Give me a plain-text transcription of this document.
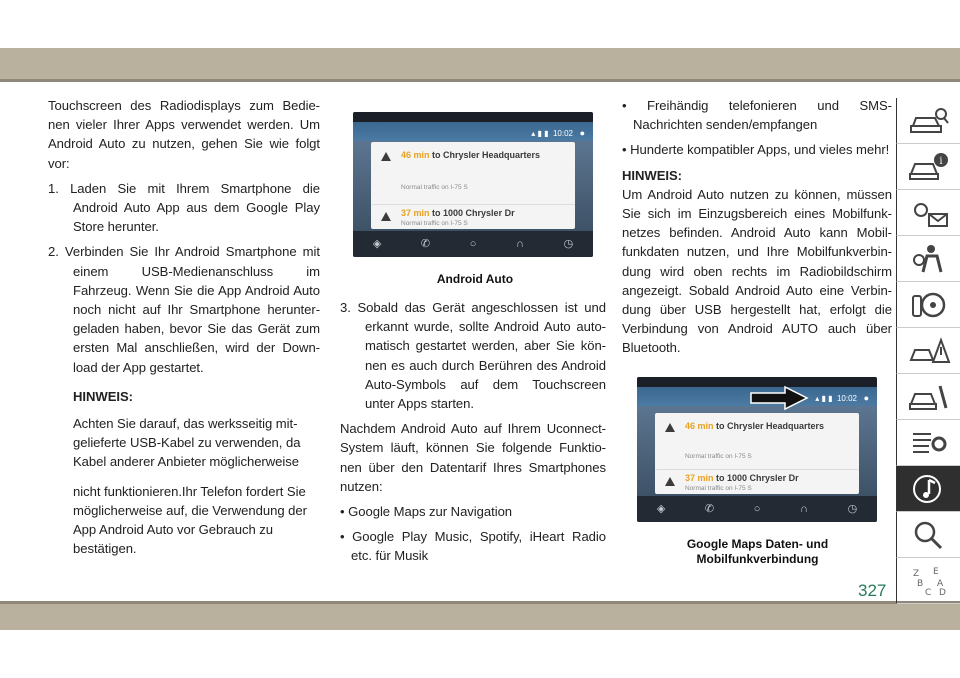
Touchscreen des Radiodisplays zum Bedie-nen vieler Ihrer Apps verwendet werden. Um Android Auto zu nutzen, gehen Sie wie folgt vor:

1. Laden Sie mit Ihrem Smartphone die Android Auto App aus dem Google Play Store herunter.

2. Verbinden Sie Ihr Android Smartphone mit einem USB-Medienanschluss im Fahrzeug. Wenn Sie die App Android Auto noch nicht auf Ihr Smartphone herunter-geladen haben, bevor Sie das Gerät zum ersten Mal anschließen, wird der Down-load der App gestartet.

HINWEIS:

Achten Sie darauf, das werksseitig mit-gelieferte USB-Kabel zu verwenden, da Kabel anderer Anbieter möglicherweise

nicht funktionieren.Ihr Telefon fordert Sie möglicherweise auf, die Verwendung der App Android Auto vor Gebrauch zu bestätigen.

▴ ▮ ▮  10:02 ●
46 min to Chrysler Headquarters
Normal traffic on I-75 S
37 min to 1000 Chrysler Dr
Normal traffic on I-75 S
◈	✆	○	∩	◷
Android Auto

3. Sobald das Gerät angeschlossen ist und erkannt wurde, sollte Android Auto auto-matisch gestartet werden, aber Sie kön-nen es auch durch Berühren des Android Auto-Symbols auf dem Touchscreen unter Apps starten.

Nachdem Android Auto auf Ihrem Uconnect-System läuft, können Sie folgende Funktio-nen über den Datentarif Ihres Smartphones nutzen:

• Google Maps zur Navigation

• Google Play Music, Spotify, iHeart Radio etc. für Musik

• Freihändig telefonieren und SMS-Nachrichten senden/empfangen

• Hunderte kompatibler Apps, und vieles mehr!

HINWEIS:

Um Android Auto nutzen zu können, müssen Sie sich im Einzugsbereich eines Mobilfunk-netzes befinden. Android Auto kann Mobil-funkdaten nutzen, und Ihre Mobilfunkverbin-dung wird oben rechts im Radiobildschirm angezeigt. Sobald Android Auto eine Verbin-dung über USB hergestellt hat, erfolgt die Verbindung von Android AUTO auch über Bluetooth.

▴ ▮ ▮  10:02 ●
46 min to Chrysler Headquarters
Normal traffic on I-75 S
37 min to 1000 Chrysler Dr
Normal traffic on I-75 S
◈	✆	○	∩	◷
Google Maps Daten- und
Mobilfunkverbindung
i
Z E
B A
C D
327
